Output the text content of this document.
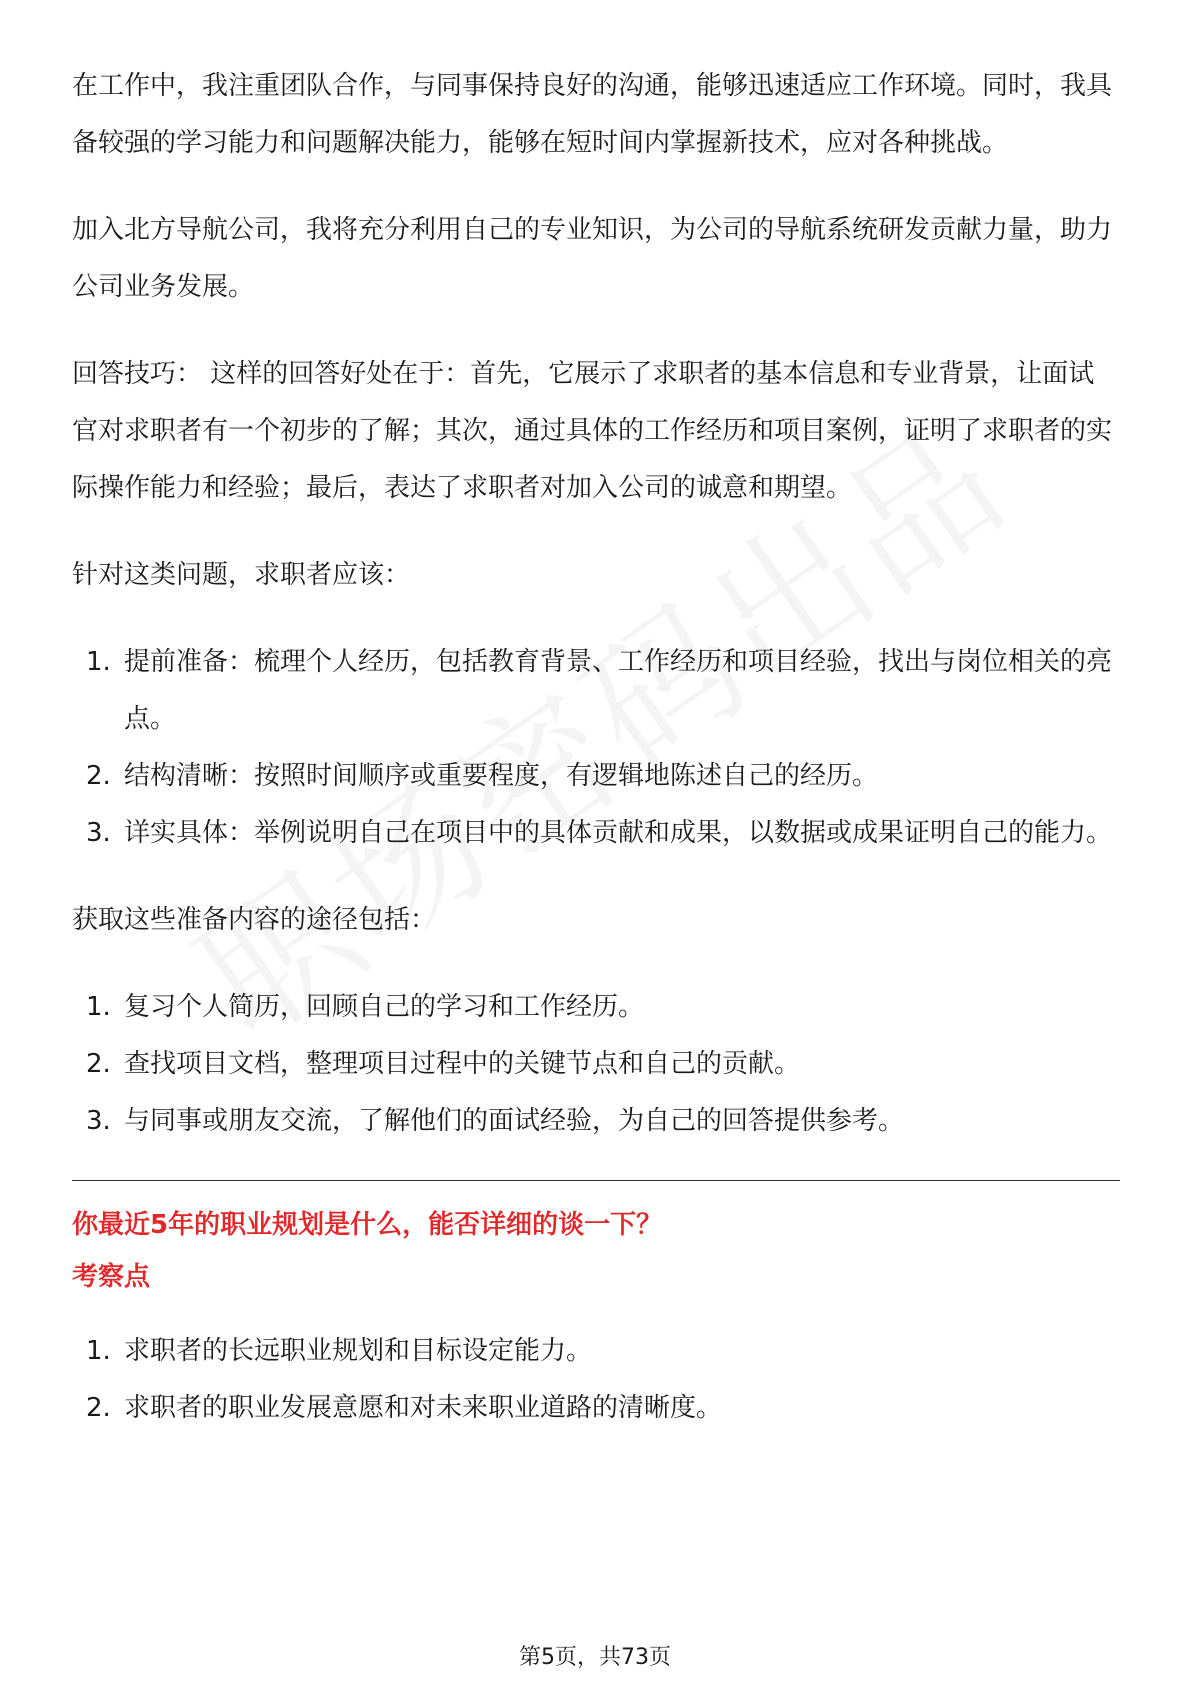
在工作中，我注重团队合作，与同事保持良好的沟通，能够迅速适应工作环境。同时，我具备较强的学习能力和问题解决能力，能够在短时间内掌握新技术，应对各种挑战。

加入北方导航公司，我将充分利用自己的专业知识，为公司的导航系统研发贡献力量，助力公司业务发展。

回答技巧： 这样的回答好处在于：首先，它展示了求职者的基本信息和专业背景，让面试官对求职者有一个初步的了解；其次，通过具体的工作经历和项目案例，证明了求职者的实际操作能力和经验；最后，表达了求职者对加入公司的诚意和期望。

针对这类问题，求职者应该：

1. 提前准备：梳理个人经历，包括教育背景、工作经历和项目经验，找出与岗位相关的亮点。
2. 结构清晰：按照时间顺序或重要程度，有逻辑地陈述自己的经历。
3. 详实具体：举例说明自己在项目中的具体贡献和成果，以数据或成果证明自己的能力。

获取这些准备内容的途径包括：

1. 复习个人简历，回顾自己的学习和工作经历。
2. 查找项目文档，整理项目过程中的关键节点和自己的贡献。
3. 与同事或朋友交流，了解他们的面试经验，为自己的回答提供参考。
你最近5年的职业规划是什么，能否详细的谈一下？
考察点
1. 求职者的长远职业规划和目标设定能力。
2. 求职者的职业发展意愿和对未来职业道路的清晰度。
第5页，共73页
